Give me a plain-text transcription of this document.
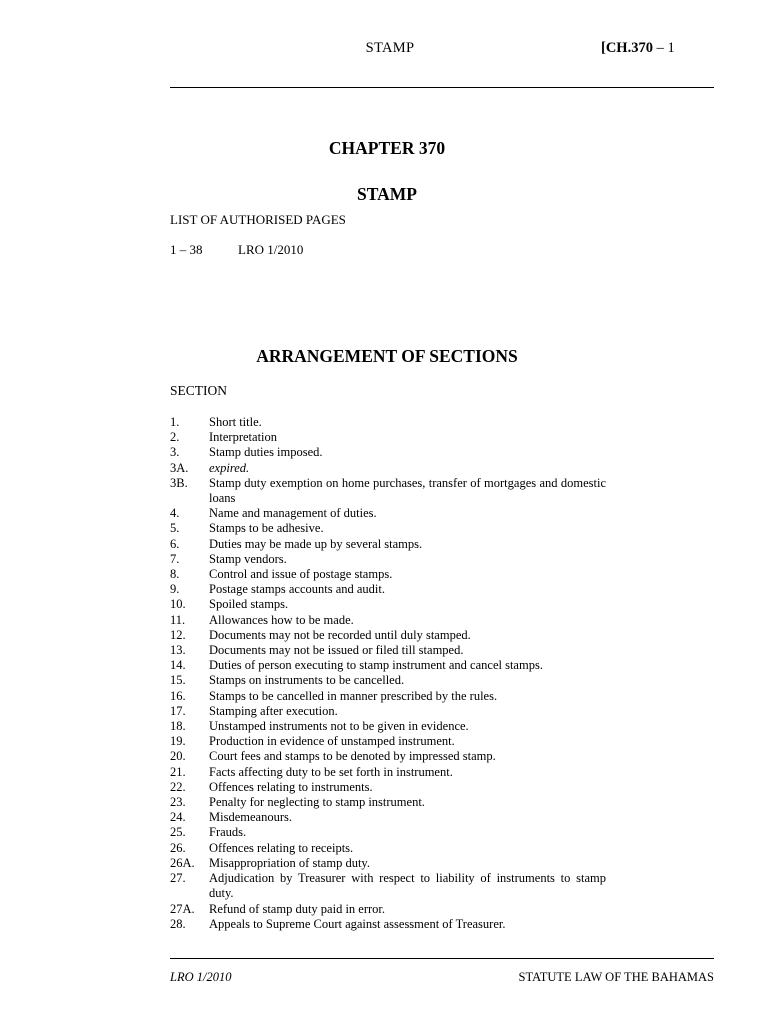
STAMP	[CH.370 – 1
CHAPTER 370
STAMP
LIST OF AUTHORISED PAGES
1 – 38	LRO 1/2010
ARRANGEMENT OF SECTIONS
SECTION
1.	Short title.
2.	Interpretation
3.	Stamp duties imposed.
3A.	expired.
3B.	Stamp duty exemption on home purchases, transfer of mortgages and domestic loans
4.	Name and management of duties.
5.	Stamps to be adhesive.
6.	Duties may be made up by several stamps.
7.	Stamp vendors.
8.	Control and issue of postage stamps.
9.	Postage stamps accounts and audit.
10.	Spoiled stamps.
11.	Allowances how to be made.
12.	Documents may not be recorded until duly stamped.
13.	Documents may not be issued or filed till stamped.
14.	Duties of person executing to stamp instrument and cancel stamps.
15.	Stamps on instruments to be cancelled.
16.	Stamps to be cancelled in manner prescribed by the rules.
17.	Stamping after execution.
18.	Unstamped instruments not to be given in evidence.
19.	Production in evidence of unstamped instrument.
20.	Court fees and stamps to be denoted by impressed stamp.
21.	Facts affecting duty to be set forth in instrument.
22.	Offences relating to instruments.
23.	Penalty for neglecting to stamp instrument.
24.	Misdemeanours.
25.	Frauds.
26.	Offences relating to receipts.
26A.	Misappropriation of stamp duty.
27.	Adjudication by Treasurer with respect to liability of instruments to stamp duty.
27A.	Refund of stamp duty paid in error.
28.	Appeals to Supreme Court against assessment of Treasurer.
LRO 1/2010	STATUTE LAW OF THE BAHAMAS
